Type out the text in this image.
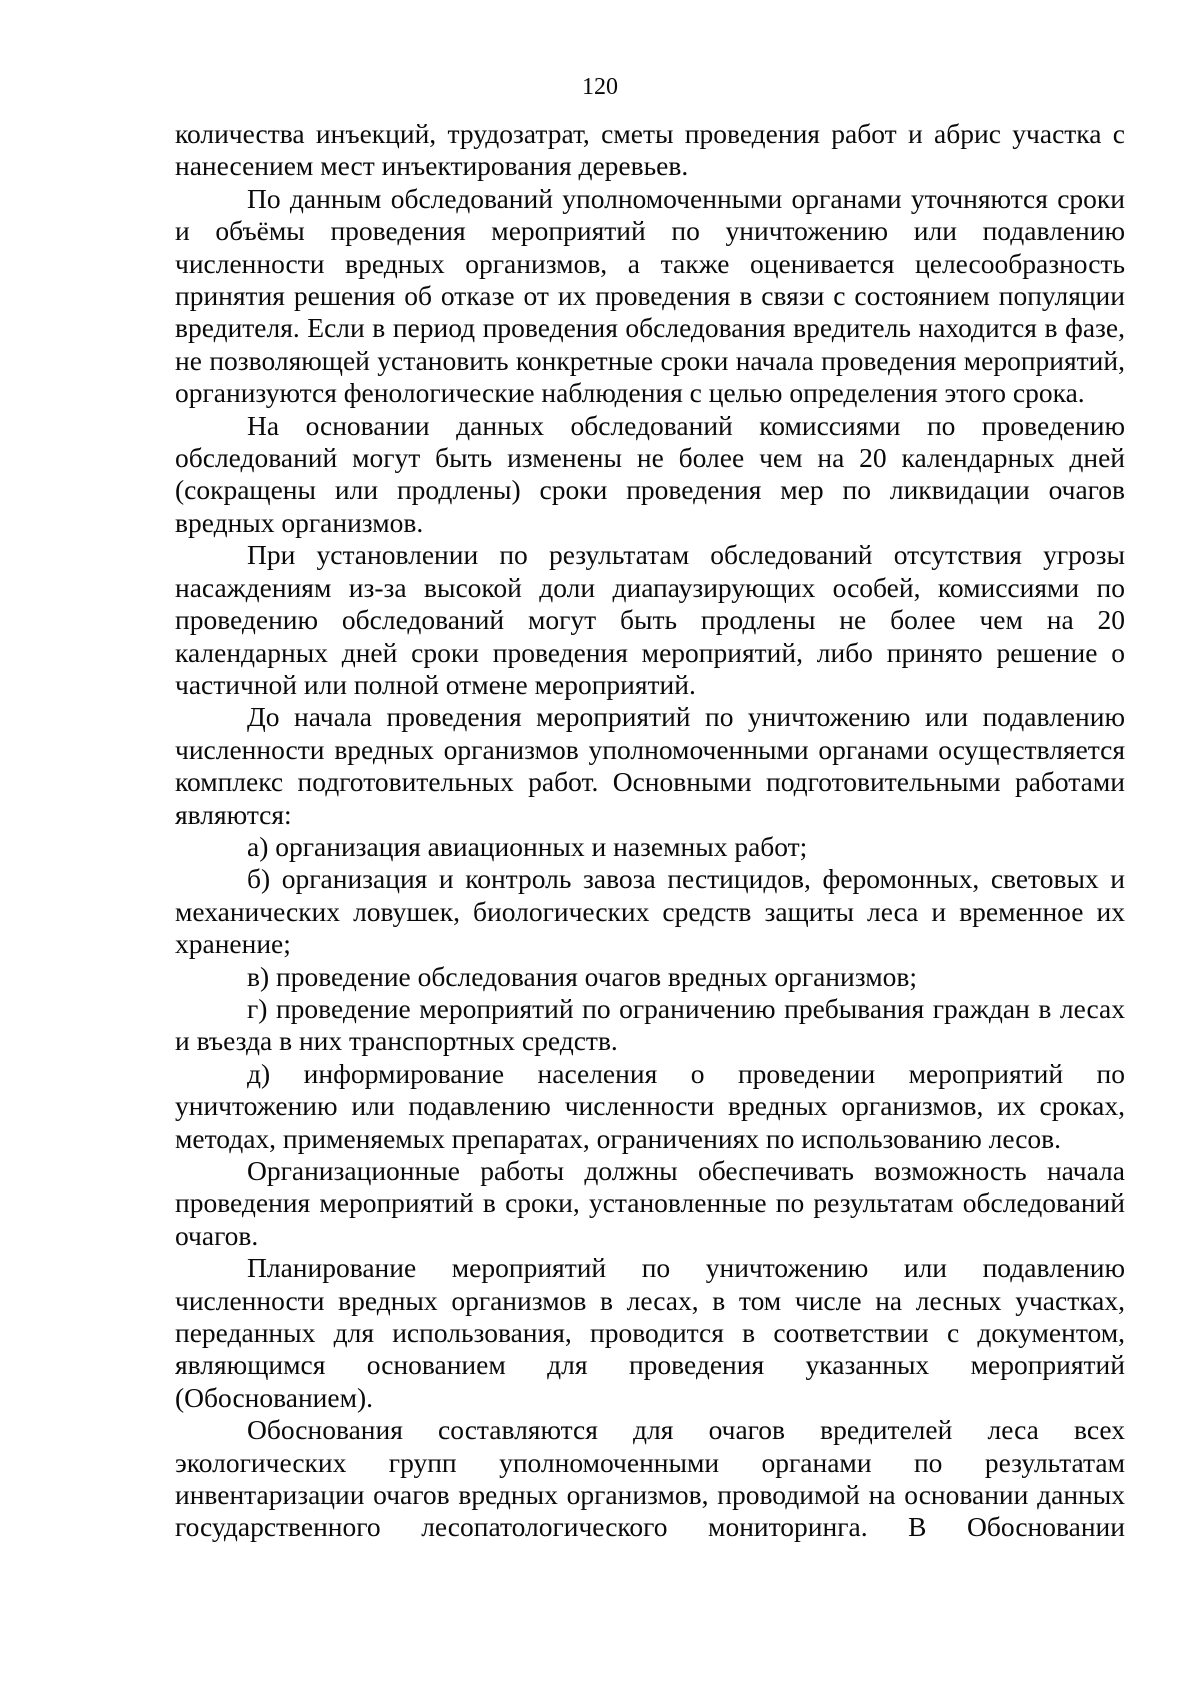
120

количества инъекций, трудозатрат, сметы проведения работ и абрис участка с нанесением мест инъектирования деревьев.

По данным обследований уполномоченными органами уточняются сроки и объёмы проведения мероприятий по уничтожению или подавлению численности вредных организмов, а также оценивается целесообразность принятия решения об отказе от их проведения в связи с состоянием популяции вредителя. Если в период проведения обследования вредитель находится в фазе, не позволяющей установить конкретные сроки начала проведения мероприятий, организуются фенологические наблюдения с целью определения этого срока.

На основании данных обследований комиссиями по проведению обследований могут быть изменены не более чем на 20 календарных дней (сокращены или продлены) сроки проведения мер по ликвидации очагов вредных организмов.

При установлении по результатам обследований отсутствия угрозы насаждениям из-за высокой доли диапаузирующих особей, комиссиями по проведению обследований могут быть продлены не более чем на 20 календарных дней сроки проведения мероприятий, либо принято решение о частичной или полной отмене мероприятий.

До начала проведения мероприятий по уничтожению или подавлению численности вредных организмов уполномоченными органами осуществляется комплекс подготовительных работ. Основными подготовительными работами являются:

а) организация авиационных и наземных работ;

б) организация и контроль завоза пестицидов, феромонных, световых и механических ловушек, биологических средств защиты леса и временное их хранение;

в) проведение обследования очагов вредных организмов;

г) проведение мероприятий по ограничению пребывания граждан в лесах и въезда в них транспортных средств.

д) информирование населения о проведении мероприятий по уничтожению или подавлению численности вредных организмов, их сроках, методах, применяемых препаратах, ограничениях по использованию лесов.

Организационные работы должны обеспечивать возможность начала проведения мероприятий в сроки, установленные по результатам обследований очагов.

Планирование мероприятий по уничтожению или подавлению численности вредных организмов в лесах, в том числе на лесных участках, переданных для использования, проводится в соответствии с документом, являющимся основанием для проведения указанных мероприятий (Обоснованием).

Обоснования составляются для очагов вредителей леса всех экологических групп уполномоченными органами по результатам инвентаризации очагов вредных организмов, проводимой на основании данных государственного лесопатологического мониторинга. В Обосновании
